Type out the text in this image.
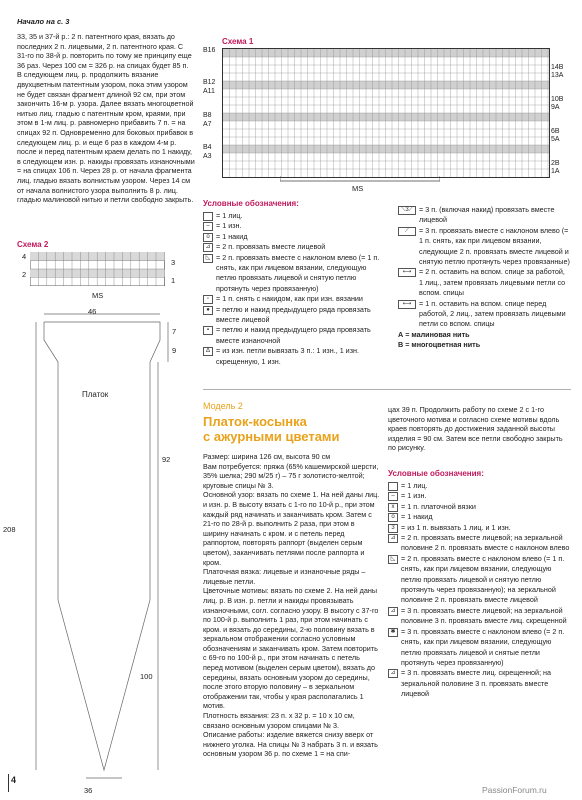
Начало на с. 3
33, 35 и 37-й р.: 2 п. патентного края, вязать до последних 2 п. лицевыми, 2 п. патентного края. С 31-го по 38-й р. повторить по тому же принципу еще 36 раз. Через 100 см = 326 р. на спицах будет 85 п. В следующем лиц. р. продолжить вязание двухцветным патентным узором, пока этим узором не будет связан фрагмент длиной 92 см, при этом закончить 16-м р. узора. Далее вязать многоцветной нитью лиц. гладью с патентным кром, краями, при этом в 1-м лиц. р. равномерно прибавить 7 п. = на спицах 92 п. Одновременно для боковых прибавок в следующем лиц. р. и еще 6 раз в каждом 4-м р. после и перед патентным краем делать по 1 накиду, в следующем изн. р. накиды провязать изнаночными = на спицах 106 п. Через 28 р. от начала фрагмента лиц. гладью вязать волнистым узором. Через 14 см от начала волнистого узора выполнить 8 р. лиц. гладью малиновой нитью и петли свободно закрыть.
Схема 2
3
1
4
2
MS
46
7
9
92
208
100
36
Платок
Схема 1
B16
B12
A11
B8
A7
B4
A3
14B
13A
10B
9A
6B
5A
2B
1A
MS
Условные обозначения:
= 1 лиц.
– = 1 изн.
o = 1 накид
⊿ = 2 п. провязать вместе лицевой
◺ = 2 п. провязать вместе с наклоном влево (= 1 п. снять, как при лицевом вязании, следующую петлю провязать лицевой и снятую петлю протянуть через провязанную)
▫ = 1 п. снять с накидом, как при изн. вязании
● = петлю и накид предыдущего ряда провязать вместе лицевой
▪ = петлю и накид предыдущего ряда провязать вместе изнаночной
Δ = из изн. петли вывязать 3 п.: 1 изн., 1 изн. скрещенную, 1 изн.
⟍3⟋ = 3 п. (включая накид) провязать вместе лицевой
⟋	= 3 п. провязать вместе с наклоном влево (= 1 п. снять, как при лицевом вязании, следующие 2 п. провязать вместе лицевой и снятую петлю протянуть через провязанные)
⟷	= 2 п. оставить на вспом. спице за работой, 1 лиц., затем провязать лицевыми петли со вспом. спицы
⟷	= 1 п. оставить на вспом. спице перед работой, 2 лиц., затем провязать лицевыми петли со вспом. спицы
А = малиновая нить
В = многоцветная нить
Модель 2
Платок-косынка
с ажурными цветами
Размер: ширина 126 см, высота 90 см
Вам потребуется: пряжа (65% кашемирской шерсти, 35% шелка; 290 м/25 г) – 75 г золотисто-желтой; круговые спицы № 3.
Основной узор: вязать по схеме 1. На ней даны лиц. и изн. р. В высоту вязать с 1-го по 10-й р., при этом каждый ряд начинать и заканчивать кром. Затем с 21-го по 28-й р. выполнить 2 раза, при этом в ширину начинать с кром. и с петель перед раппортом, повторять раппорт (выделен серым цветом), заканчивать петлями после раппорта и кром.
Платочная вязка: лицевые и изнаночные ряды – лицевые петли.
Цветочные мотивы: вязать по схеме 2. На ней даны лиц. р. В изн. р. петли и накиды провязывать изнаночными, согл. согласно узору. В высоту с 37-го по 100-й р. выполнить 1 раз, при этом начинать с кром. и вязать до середины, 2-ю половину вязать в зеркальном отображении согласно условным обозначениям и заканчивать кром. Затем повторить с 69-го по 100-й р., при этом начинать с петель перед мотивом (выделен серым цветом), вязать до середины, вязать основным узором до середины, после этого вторую половину – в зеркальном отображении так, чтобы у края располагались 1 мотив.
Плотность вязания: 23 п. х 32 р. = 10 х 10 см, связано основным узором спицами № 3.
Описание работы: изделие вяжется снизу вверх от нижнего уголка. На спицы № 3 набрать 3 п. и вязать основным узором 36 р. по схеме 1 = на спи-
цах 39 п. Продолжить работу по схеме 2 с 1-го цветочного мотива и согласно схеме мотивы вдоль краев повторять до достижения заданной высоты изделия = 90 см. Затем все петли свободно закрыть по рисунку.
Условные обозначения:
= 1 лиц.
– = 1 изн.
x = 1 п. платочной вязки
o = 1 накид
3 = из 1 п. вывязать 1 лиц. и 1 изн.
⊿ = 2 п. провязать вместе лицевой; на зеркальной половине 2 п. провязать вместе с наклоном влево
◺ = 2 п. провязать вместе с наклоном влево (= 1 п. снять, как при лицевом вязании, следующую петлю провязать лицевой и снятую петлю протянуть через провязанную); на зеркальной половине 2 п. провязать вместе лицевой
⊿ = 3 п. провязать вместе лицевой; на зеркальной половине 3 п. провязать вместе лиц. скрещенной
✱ = 3 п. провязать вместе с наклоном влево (= 2 п. снять, как при лицевом вязании, следующую петлю провязать лицевой и снятые петли протянуть через провязанную)
⊿ = 3 п. провязать вместе лиц. скрещенной; на зеркальной половине 3 п. провязать вместе лицевой
4
PassionForum.ru
